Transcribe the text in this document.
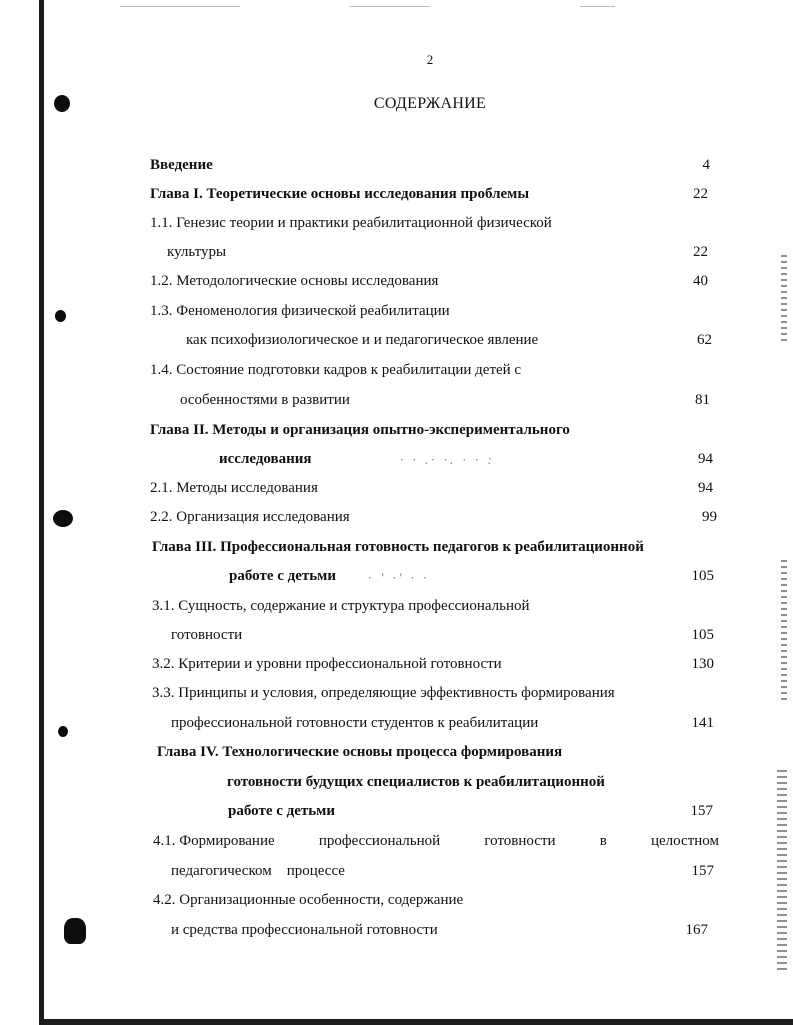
· · .· ·. · · :
· ' ·' · ·
2
СОДЕРЖАНИЕ
Введение	4
Глава I. Теоретические основы исследования проблемы	22
1.1. Генезис теории и практики реабилитационной физической
культуры	22
1.2. Методологические основы исследования	40
1.3. Феноменология физической реабилитации
как психофизиологическое и и педагогическое явление	62
1.4. Состояние подготовки кадров к реабилитации детей с
особенностями в развитии	81
Глава II. Методы и организация опытно-экспериментального
исследования	94
2.1. Методы исследования	94
2.2. Организация исследования	99
Глава III. Профессиональная готовность педагогов к реабилитационной
работе с детьми	105
3.1. Сущность, содержание и структура профессиональной
готовности	105
3.2. Критерии и уровни профессиональной готовности	130
3.3. Принципы и условия, определяющие эффективность формирования
профессиональной готовности студентов к реабилитации	141
Глава IV. Технологические основы процесса формирования
готовности будущих специалистов к реабилитационной
работе с детьми	157
4.1. Формирование	профессиональной	готовности	в	целостном
педагогическом    процессе	157
4.2. Организационные особенности, содержание
и средства профессиональной готовности	167
